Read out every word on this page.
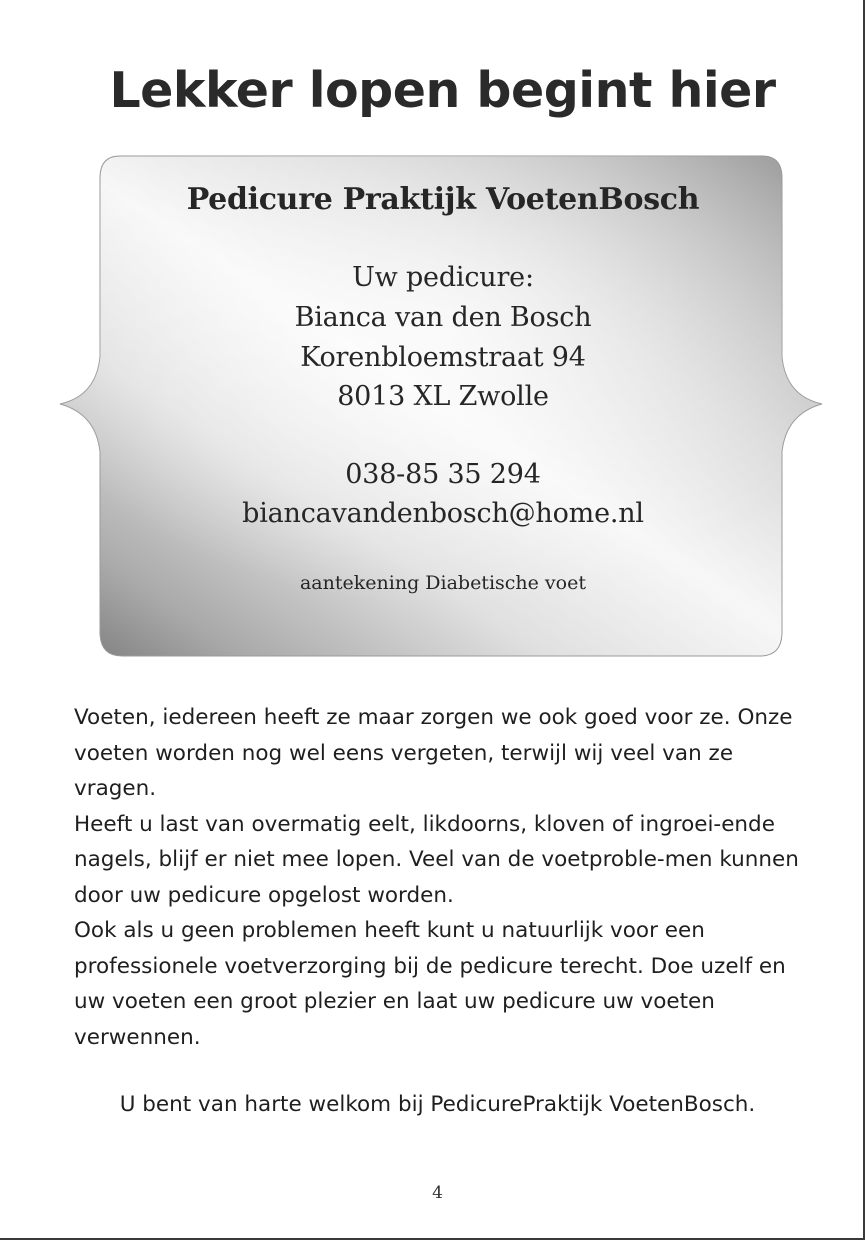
Lekker lopen begint hier
Pedicure Praktijk VoetenBosch
Uw pedicure:
Bianca van den Bosch
Korenbloemstraat 94
8013 XL Zwolle
038-85 35 294
biancavandenbosch@home.nl
aantekening Diabetische voet

Voeten, iedereen heeft ze maar zorgen we ook goed voor ze. Onze voeten worden nog wel eens vergeten, terwijl wij veel van ze vragen.

Heeft u last van overmatig eelt, likdoorns, kloven of ingroei-ende nagels, blijf er niet mee lopen. Veel van de voetproble-men kunnen door uw pedicure opgelost worden.

Ook als u geen problemen heeft kunt u natuurlijk voor een professionele voetverzorging bij de pedicure terecht. Doe uzelf en uw voeten een groot plezier en laat uw pedicure uw voeten verwennen.

U bent van harte welkom bij PedicurePraktijk VoetenBosch.
4
